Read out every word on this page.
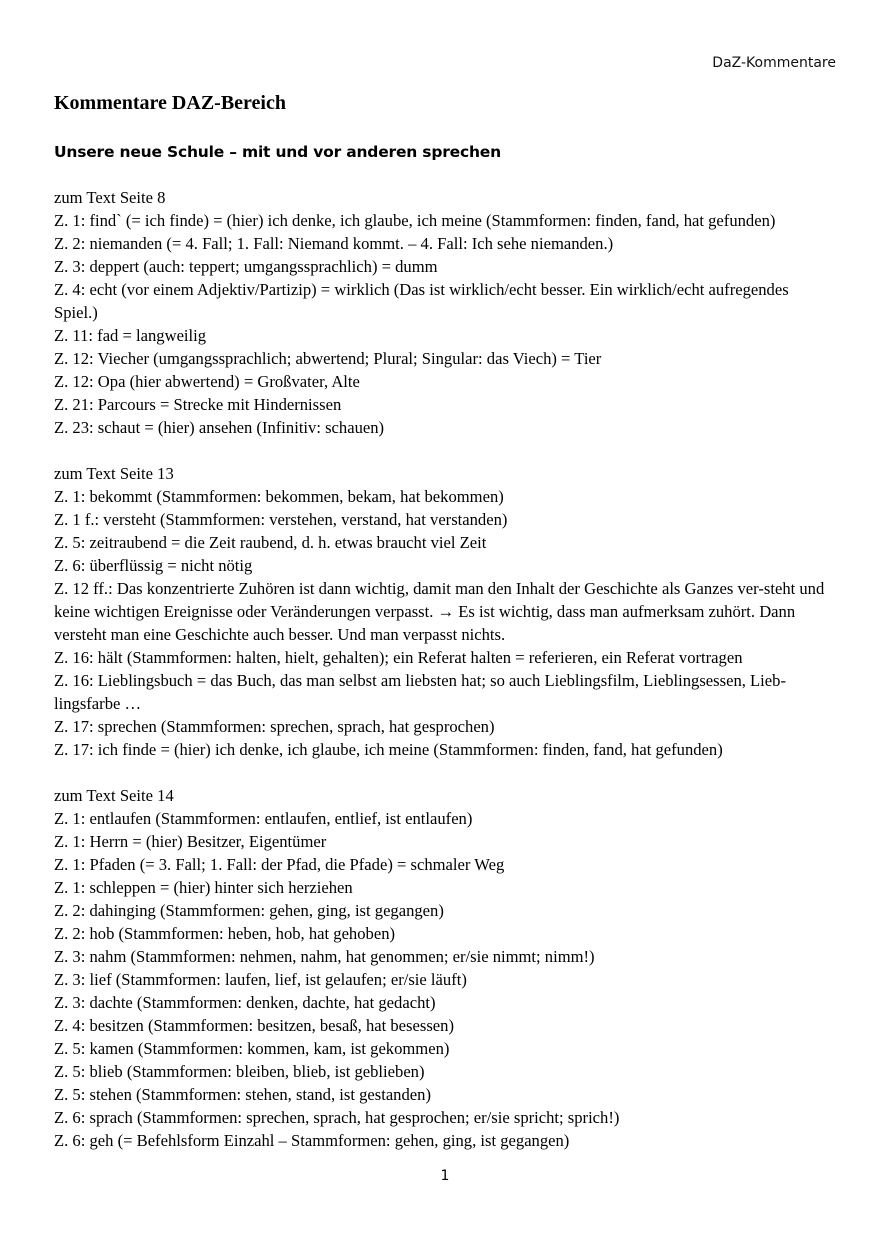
DaZ-Kommentare
Kommentare DAZ-Bereich
Unsere neue Schule – mit und vor anderen sprechen

zum Text Seite 8

Z. 1: find` (= ich finde) = (hier) ich denke, ich glaube, ich meine (Stammformen: finden, fand, hat gefunden)

Z. 2: niemanden (= 4. Fall; 1. Fall: Niemand kommt. – 4. Fall: Ich sehe niemanden.)

Z. 3: deppert (auch: teppert; umgangssprachlich) = dumm

Z. 4: echt (vor einem Adjektiv/Partizip) = wirklich (Das ist wirklich/echt besser. Ein wirklich/echt aufregendes Spiel.)

Z. 11: fad = langweilig

Z. 12: Viecher (umgangssprachlich; abwertend; Plural; Singular: das Viech) = Tier

Z. 12: Opa (hier abwertend) = Großvater, Alte

Z. 21: Parcours = Strecke mit Hindernissen

Z. 23: schaut = (hier) ansehen (Infinitiv: schauen)

zum Text Seite 13

Z. 1: bekommt (Stammformen: bekommen, bekam, hat bekommen)

Z. 1 f.: versteht (Stammformen: verstehen, verstand, hat verstanden)

Z. 5: zeitraubend = die Zeit raubend, d. h. etwas braucht viel Zeit

Z. 6: überflüssig = nicht nötig

Z. 12 ff.: Das konzentrierte Zuhören ist dann wichtig, damit man den Inhalt der Geschichte als Ganzes ver-steht und keine wichtigen Ereignisse oder Veränderungen verpasst. → Es ist wichtig, dass man aufmerksam zuhört. Dann versteht man eine Geschichte auch besser. Und man verpasst nichts.

Z. 16: hält (Stammformen: halten, hielt, gehalten); ein Referat halten = referieren, ein Referat vortragen

Z. 16: Lieblingsbuch = das Buch, das man selbst am liebsten hat; so auch Lieblingsfilm, Lieblingsessen, Lieb-lingsfarbe …

Z. 17: sprechen (Stammformen: sprechen, sprach, hat gesprochen)

Z. 17: ich finde = (hier) ich denke, ich glaube, ich meine (Stammformen: finden, fand, hat gefunden)

zum Text Seite 14

Z. 1: entlaufen (Stammformen: entlaufen, entlief, ist entlaufen)

Z. 1: Herrn = (hier) Besitzer, Eigentümer

Z. 1: Pfaden (= 3. Fall; 1. Fall: der Pfad, die Pfade) = schmaler Weg

Z. 1: schleppen = (hier) hinter sich herziehen

Z. 2: dahinging (Stammformen: gehen, ging, ist gegangen)

Z. 2: hob (Stammformen: heben, hob, hat gehoben)

Z. 3: nahm (Stammformen: nehmen, nahm, hat genommen; er/sie nimmt; nimm!)

Z. 3: lief (Stammformen: laufen, lief, ist gelaufen; er/sie läuft)

Z. 3: dachte (Stammformen: denken, dachte, hat gedacht)

Z. 4: besitzen (Stammformen: besitzen, besaß, hat besessen)

Z. 5: kamen (Stammformen: kommen, kam, ist gekommen)

Z. 5: blieb (Stammformen: bleiben, blieb, ist geblieben)

Z. 5: stehen (Stammformen: stehen, stand, ist gestanden)

Z. 6: sprach (Stammformen: sprechen, sprach, hat gesprochen; er/sie spricht; sprich!)

Z. 6: geh (= Befehlsform Einzahl – Stammformen: gehen, ging, ist gegangen)

1
